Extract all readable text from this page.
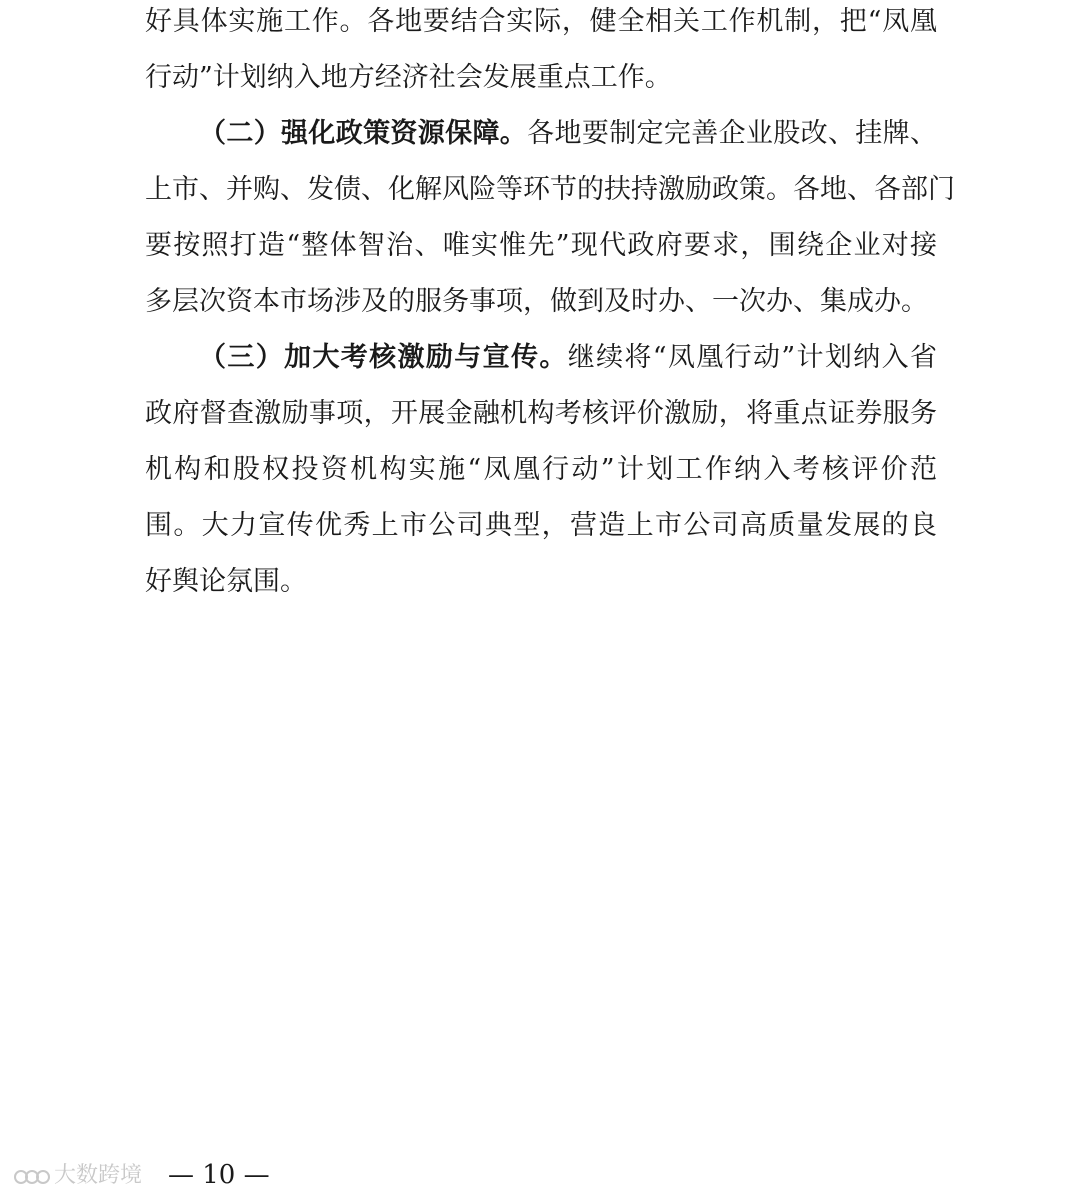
好具体实施工作。各地要结合实际，健全相关工作机制，把“凤凰
行动”计划纳入地方经济社会发展重点工作。
（二）强化政策资源保障。各地要制定完善企业股改、挂牌、
上市、并购、发债、化解风险等环节的扶持激励政策。各地、各部门
要按照打造“整体智治、唯实惟先”现代政府要求，围绕企业对接
多层次资本市场涉及的服务事项，做到及时办、一次办、集成办。
（三）加大考核激励与宣传。继续将“凤凰行动”计划纳入省
政府督查激励事项，开展金融机构考核评价激励，将重点证券服务
机构和股权投资机构实施“凤凰行动”计划工作纳入考核评价范
围。大力宣传优秀上市公司典型，营造上市公司高质量发展的良
好舆论氛围。
大数跨境 — 10 —
